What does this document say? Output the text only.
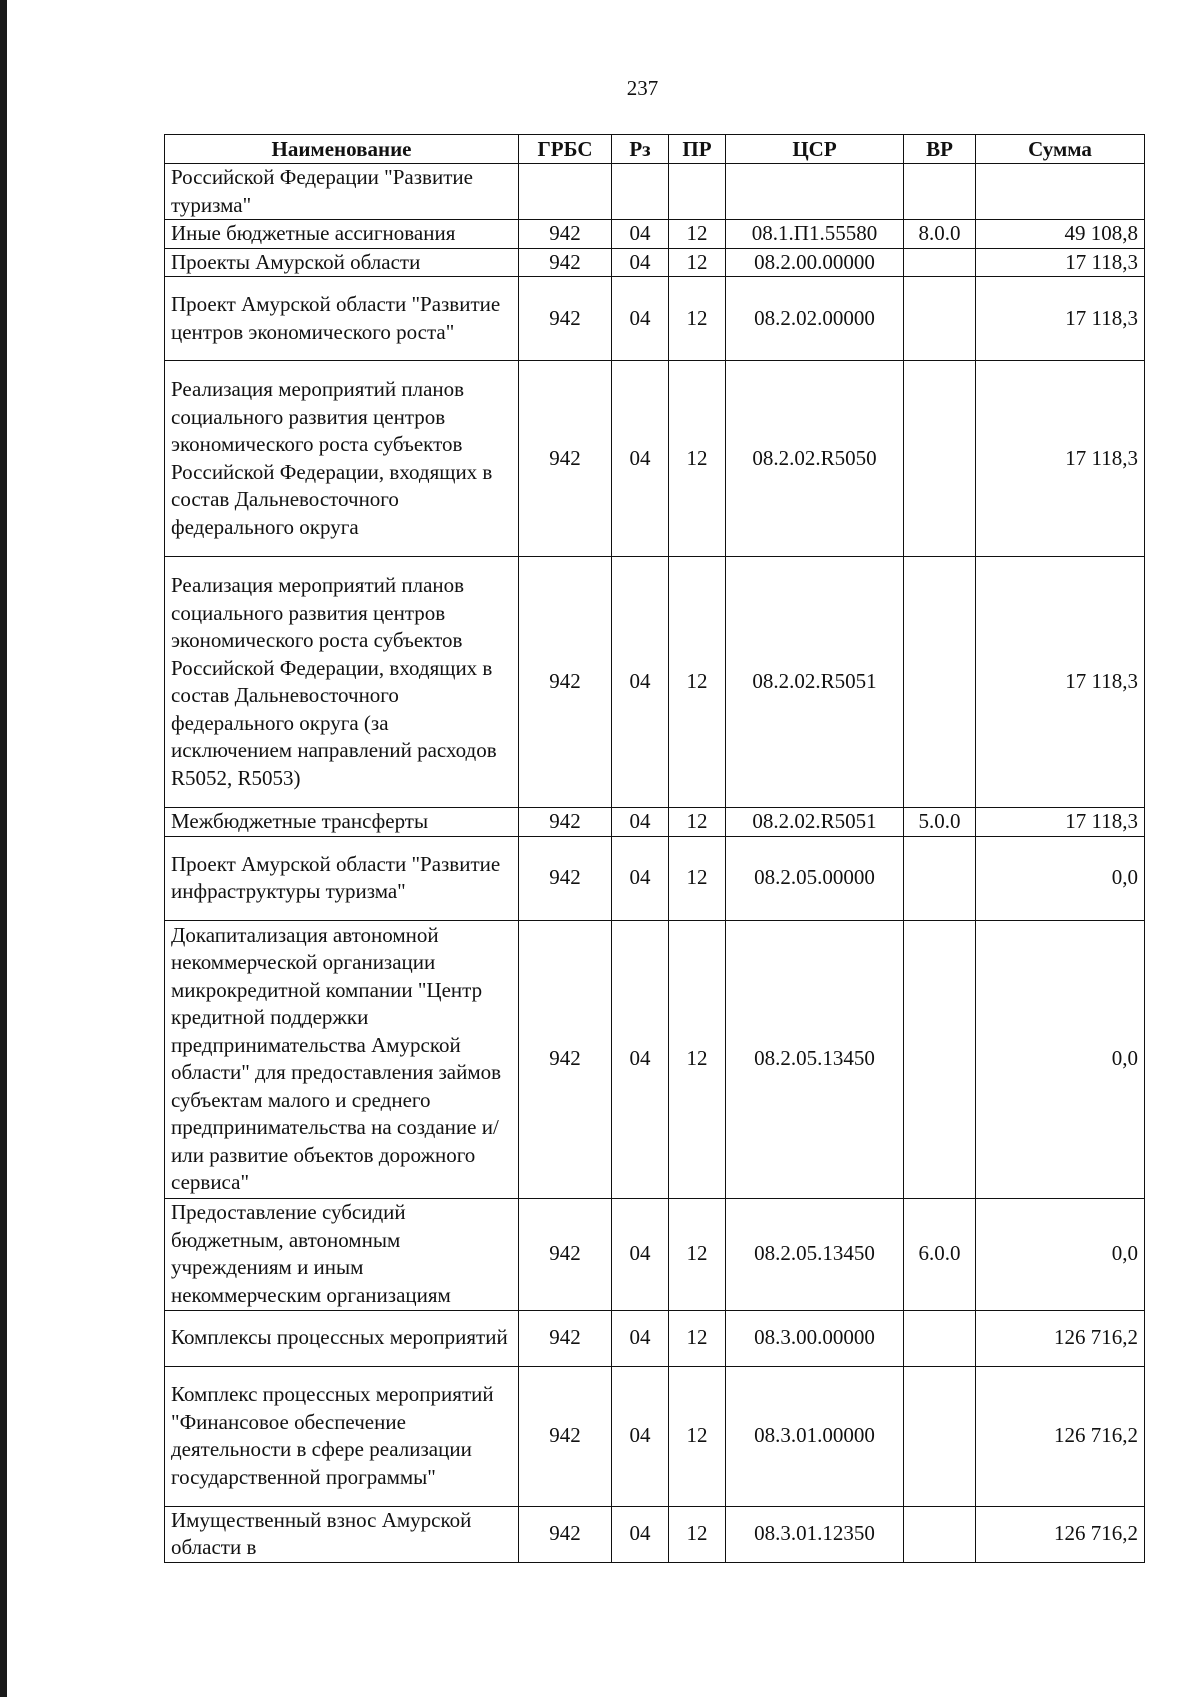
237
Наименование	ГРБС	Рз	ПР	ЦСР	ВР	Сумма
Российской Федерации "Развитие туризма"						
Иные бюджетные ассигнования	942	04	12	08.1.П1.55580	8.0.0	49 108,8
Проекты Амурской области	942	04	12	08.2.00.00000		17 118,3
Проект Амурской области "Развитие центров экономического роста"	942	04	12	08.2.02.00000		17 118,3
Реализация мероприятий планов социального развития центров экономического роста субъектов Российской Федерации, входящих в состав Дальневосточного федерального округа	942	04	12	08.2.02.R5050		17 118,3
Реализация мероприятий планов социального развития центров экономического роста субъектов Российской Федерации, входящих в состав Дальневосточного федерального округа (за исключением направлений расходов R5052, R5053)	942	04	12	08.2.02.R5051		17 118,3
Межбюджетные трансферты	942	04	12	08.2.02.R5051	5.0.0	17 118,3
Проект Амурской области "Развитие инфраструктуры туризма"	942	04	12	08.2.05.00000		0,0
Докапитализация автономной некоммерческой организации микрокредитной компании "Центр кредитной поддержки предпринимательства Амурской области" для предоставления займов субъектам малого и среднего предпринимательства на создание и/или развитие объектов дорожного сервиса"	942	04	12	08.2.05.13450		0,0
Предоставление субсидий бюджетным, автономным учреждениям и иным некоммерческим организациям	942	04	12	08.2.05.13450	6.0.0	0,0
Комплексы процессных мероприятий	942	04	12	08.3.00.00000		126 716,2
Комплекс процессных мероприятий "Финансовое обеспечение деятельности в сфере реализации государственной программы"	942	04	12	08.3.01.00000		126 716,2
Имущественный взнос Амурской области в	942	04	12	08.3.01.12350		126 716,2
